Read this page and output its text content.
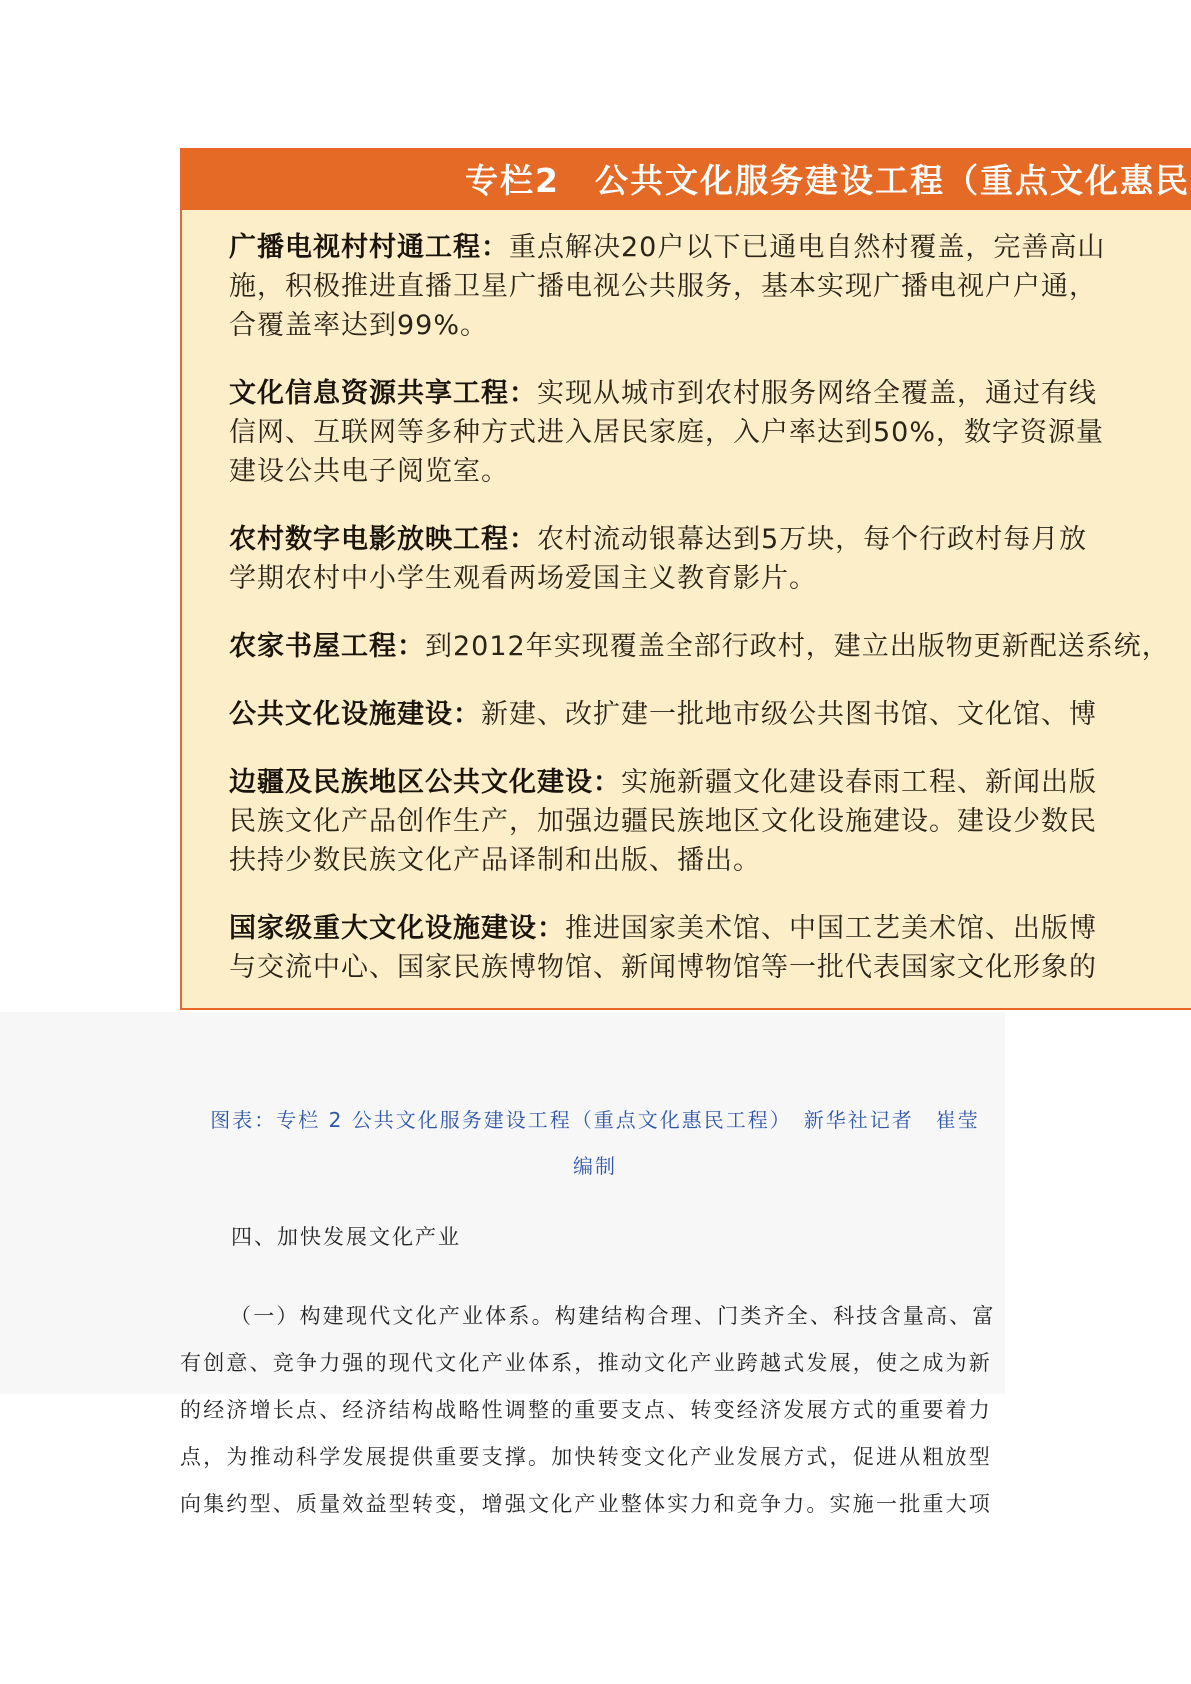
专栏2　公共文化服务建设工程（重点文化惠民
广播电视村村通工程：重点解决20户以下已通电自然村覆盖，完善高山
施，积极推进直播卫星广播电视公共服务，基本实现广播电视户户通，
合覆盖率达到99%。
文化信息资源共享工程：实现从城市到农村服务网络全覆盖，通过有线
信网、互联网等多种方式进入居民家庭，入户率达到50%，数字资源量
建设公共电子阅览室。
农村数字电影放映工程：农村流动银幕达到5万块，每个行政村每月放
学期农村中小学生观看两场爱国主义教育影片。
农家书屋工程：到2012年实现覆盖全部行政村，建立出版物更新配送系统，
公共文化设施建设：新建、改扩建一批地市级公共图书馆、文化馆、博
边疆及民族地区公共文化建设：实施新疆文化建设春雨工程、新闻出版
民族文化产品创作生产，加强边疆民族地区文化设施建设。建设少数民
扶持少数民族文化产品译制和出版、播出。
国家级重大文化设施建设：推进国家美术馆、中国工艺美术馆、出版博
与交流中心、国家民族博物馆、新闻博物馆等一批代表国家文化形象的
图表：专栏 2 公共文化服务建设工程（重点文化惠民工程）　新华社记者　崔莹
编制
四、加快发展文化产业
（一）构建现代文化产业体系。构建结构合理、门类齐全、科技含量高、富
有创意、竞争力强的现代文化产业体系，推动文化产业跨越式发展，使之成为新
的经济增长点、经济结构战略性调整的重要支点、转变经济发展方式的重要着力
点，为推动科学发展提供重要支撑。加快转变文化产业发展方式，促进从粗放型
向集约型、质量效益型转变，增强文化产业整体实力和竞争力。实施一批重大项
